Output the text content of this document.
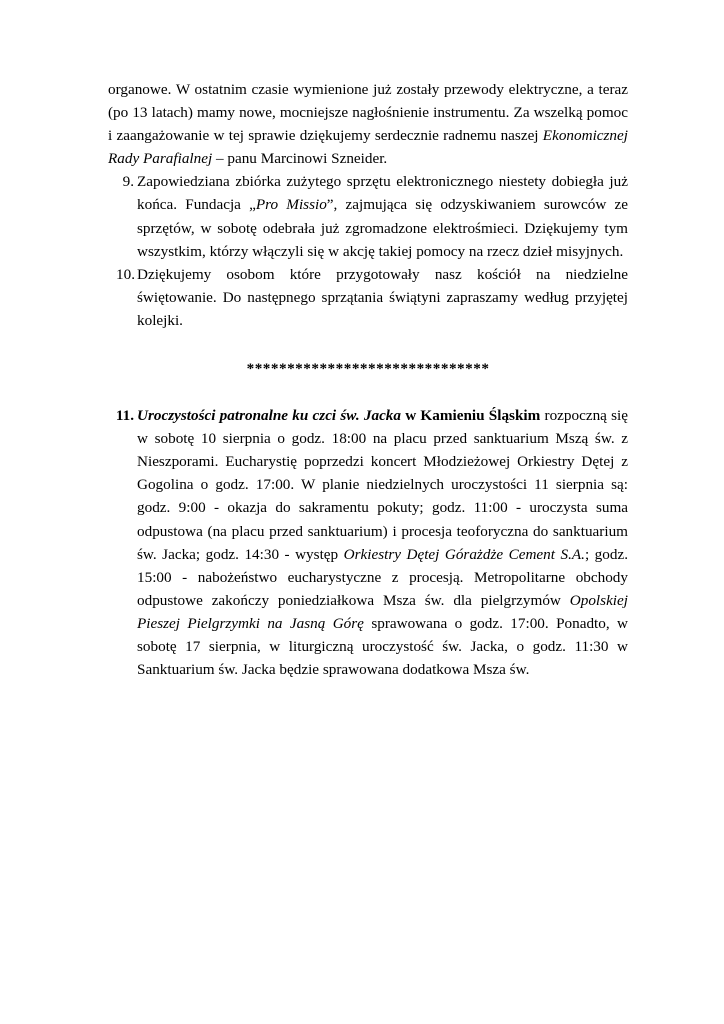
organowe. W ostatnim czasie wymienione już zostały przewody elektryczne, a teraz (po 13 latach) mamy nowe, mocniejsze nagłośnienie instrumentu. Za wszelką pomoc i zaangażowanie w tej sprawie dziękujemy serdecznie radnemu naszej Ekonomicznej Rady Parafialnej – panu Marcinowi Szneider.

9. Zapowiedziana zbiórka zużytego sprzętu elektronicznego niestety dobiegła już końca. Fundacja „Pro Missio”, zajmująca się odzyskiwaniem surowców ze sprzętów, w sobotę odebrała już zgromadzone elektrośmieci. Dziękujemy tym wszystkim, którzy włączyli się w akcję takiej pomocy na rzecz dzieł misyjnych.
10. Dziękujemy osobom które przygotowały nasz kościół na niedzielne świętowanie. Do następnego sprzątania świątyni zapraszamy według przyjętej kolejki.
******************************
11. Uroczystości patronalne ku czci św. Jacka w Kamieniu Śląskim rozpoczną się w sobotę 10 sierpnia o godz. 18:00 na placu przed sanktuarium Mszą św. z Nieszporami. Eucharystię poprzedzi koncert Młodzieżowej Orkiestry Dętej z Gogolina o godz. 17:00. W planie niedzielnych uroczystości 11 sierpnia są: godz. 9:00 - okazja do sakramentu pokuty; godz. 11:00 - uroczysta suma odpustowa (na placu przed sanktuarium) i procesja teoforyczna do sanktuarium św. Jacka; godz. 14:30 - występ Orkiestry Dętej Górażdże Cement S.A.; godz. 15:00 - nabożeństwo eucharystyczne z procesją. Metropolitarne obchody odpustowe zakończy poniedziałkowa Msza św. dla pielgrzymów Opolskiej Pieszej Pielgrzymki na Jasną Górę sprawowana o godz. 17:00. Ponadto, w sobotę 17 sierpnia, w liturgiczną uroczystość św. Jacka, o godz. 11:30 w Sanktuarium św. Jacka będzie sprawowana dodatkowa Msza św.
